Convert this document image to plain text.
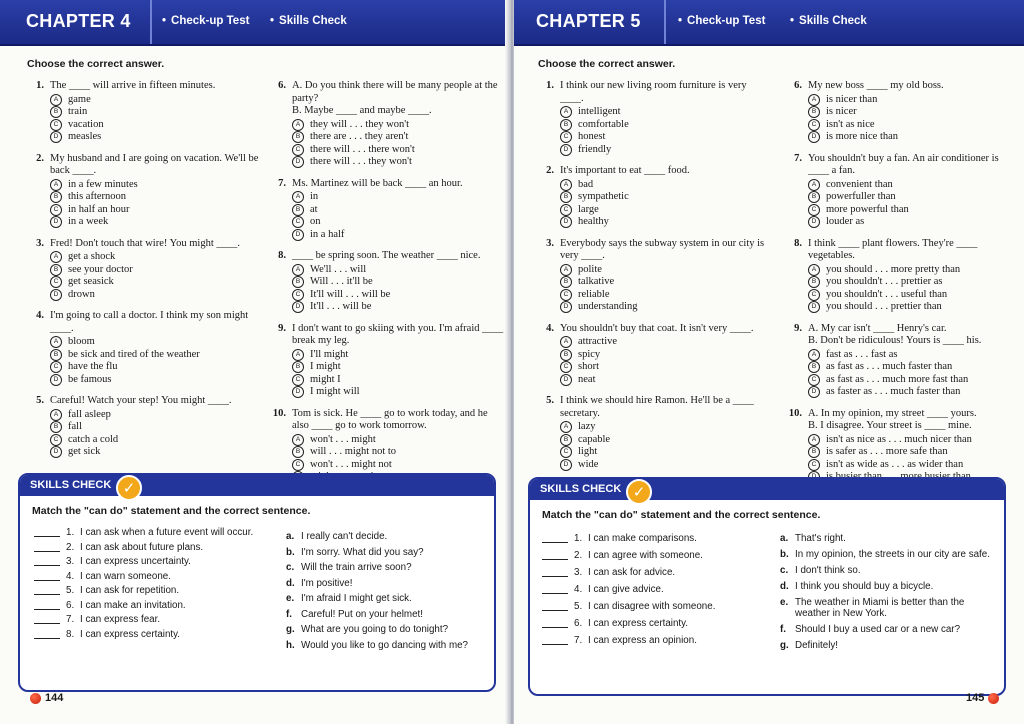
CHAPTER 4	• Check-up Test	• Skills Check
Choose the correct answer.
1. The ____ will arrive in fifteen minutes.
A game
B train
C vacation
D measles
2. My husband and I are going on vacation. We'll be back ____.
A in a few minutes
B this afternoon
C in half an hour
D in a week
3. Fred! Don't touch that wire! You might ____.
A get a shock
B see your doctor
C get seasick
D drown
4. I'm going to call a doctor. I think my son might ____.
A bloom
B be sick and tired of the weather
C have the flu
D be famous
5. Careful! Watch your step! You might ____.
A fall asleep
B fall
C catch a cold
D get sick
6. A. Do you think there will be many people at the party?
B. Maybe ____ and maybe ____.
A they will . . . they won't
B there are . . . they aren't
C there will . . . there won't
D there will . . . they won't
7. Ms. Martinez will be back ____ an hour.
A in
B at
C on
D in a half
8. ____ be spring soon. The weather ____ nice.
A We'll . . . will
B Will . . . it'll be
C It'll will . . . will be
D It'll . . . will be
9. I don't want to go skiing with you. I'm afraid ____ break my leg.
A I'll might
B I might
C might I
D I might will
10. Tom is sick. He ____ go to work today, and he also ____ go to work tomorrow.
A won't . . . might
B will . . . might not to
C won't . . . might not
SKILLS CHECK ✓
Match the "can do" statement and the correct sentence.
1. I can ask when a future event will occur.
2. I can ask about future plans.
3. I can express uncertainty.
4. I can warn someone.
5. I can ask for repetition.
6. I can make an invitation.
7. I can express fear.
8. I can express certainty.
a. I really can't decide.
b. I'm sorry. What did you say?
c. Will the train arrive soon?
d. I'm positive!
e. I'm afraid I might get sick.
f. Careful! Put on your helmet!
g. What are you going to do tonight?
h. Would you like to go dancing with me?
144
CHAPTER 5	• Check-up Test	• Skills Check
Choose the correct answer.
1. I think our new living room furniture is very ____.
A intelligent
B comfortable
C honest
D friendly
2. It's important to eat ____ food.
A bad
B sympathetic
C large
D healthy
3. Everybody says the subway system in our city is very ____.
A polite
B talkative
C reliable
D understanding
4. You shouldn't buy that coat. It isn't very ____.
A attractive
B spicy
C short
D neat
5. I think we should hire Ramon. He'll be a ____ secretary.
A lazy
B capable
C light
D wide
6. My new boss ____ my old boss.
A is nicer than
B is nicer
C isn't as nice
D is more nice than
7. You shouldn't buy a fan. An air conditioner is ____ a fan.
A convenient than
B powerfuller than
C more powerful than
D louder as
8. I think ____ plant flowers. They're ____ vegetables.
A you should . . . more pretty than
B you shouldn't . . . prettier as
C you shouldn't . . . useful than
D you should . . . prettier than
9. A. My car isn't ____ Henry's car.
B. Don't be ridiculous! Yours is ____ his.
A fast as . . . fast as
B as fast as . . . much faster than
C as fast as . . . much more fast than
D as faster as . . . much faster than
10. A. In my opinion, my street ____ yours.
B. I disagree. Your street is ____ mine.
A isn't as nice as . . . much nicer than
B is safer as . . . more safe than
C isn't as wide as . . . as wider than
SKILLS CHECK ✓
Match the "can do" statement and the correct sentence.
1. I can make comparisons.
2. I can agree with someone.
3. I can ask for advice.
4. I can give advice.
5. I can disagree with someone.
6. I can express certainty.
7. I can express an opinion.
a. That's right.
b. In my opinion, the streets in our city are safe.
c. I don't think so.
d. I think you should buy a bicycle.
e. The weather in Miami is better than the weather in New York.
f. Should I buy a used car or a new car?
g. Definitely!
145
